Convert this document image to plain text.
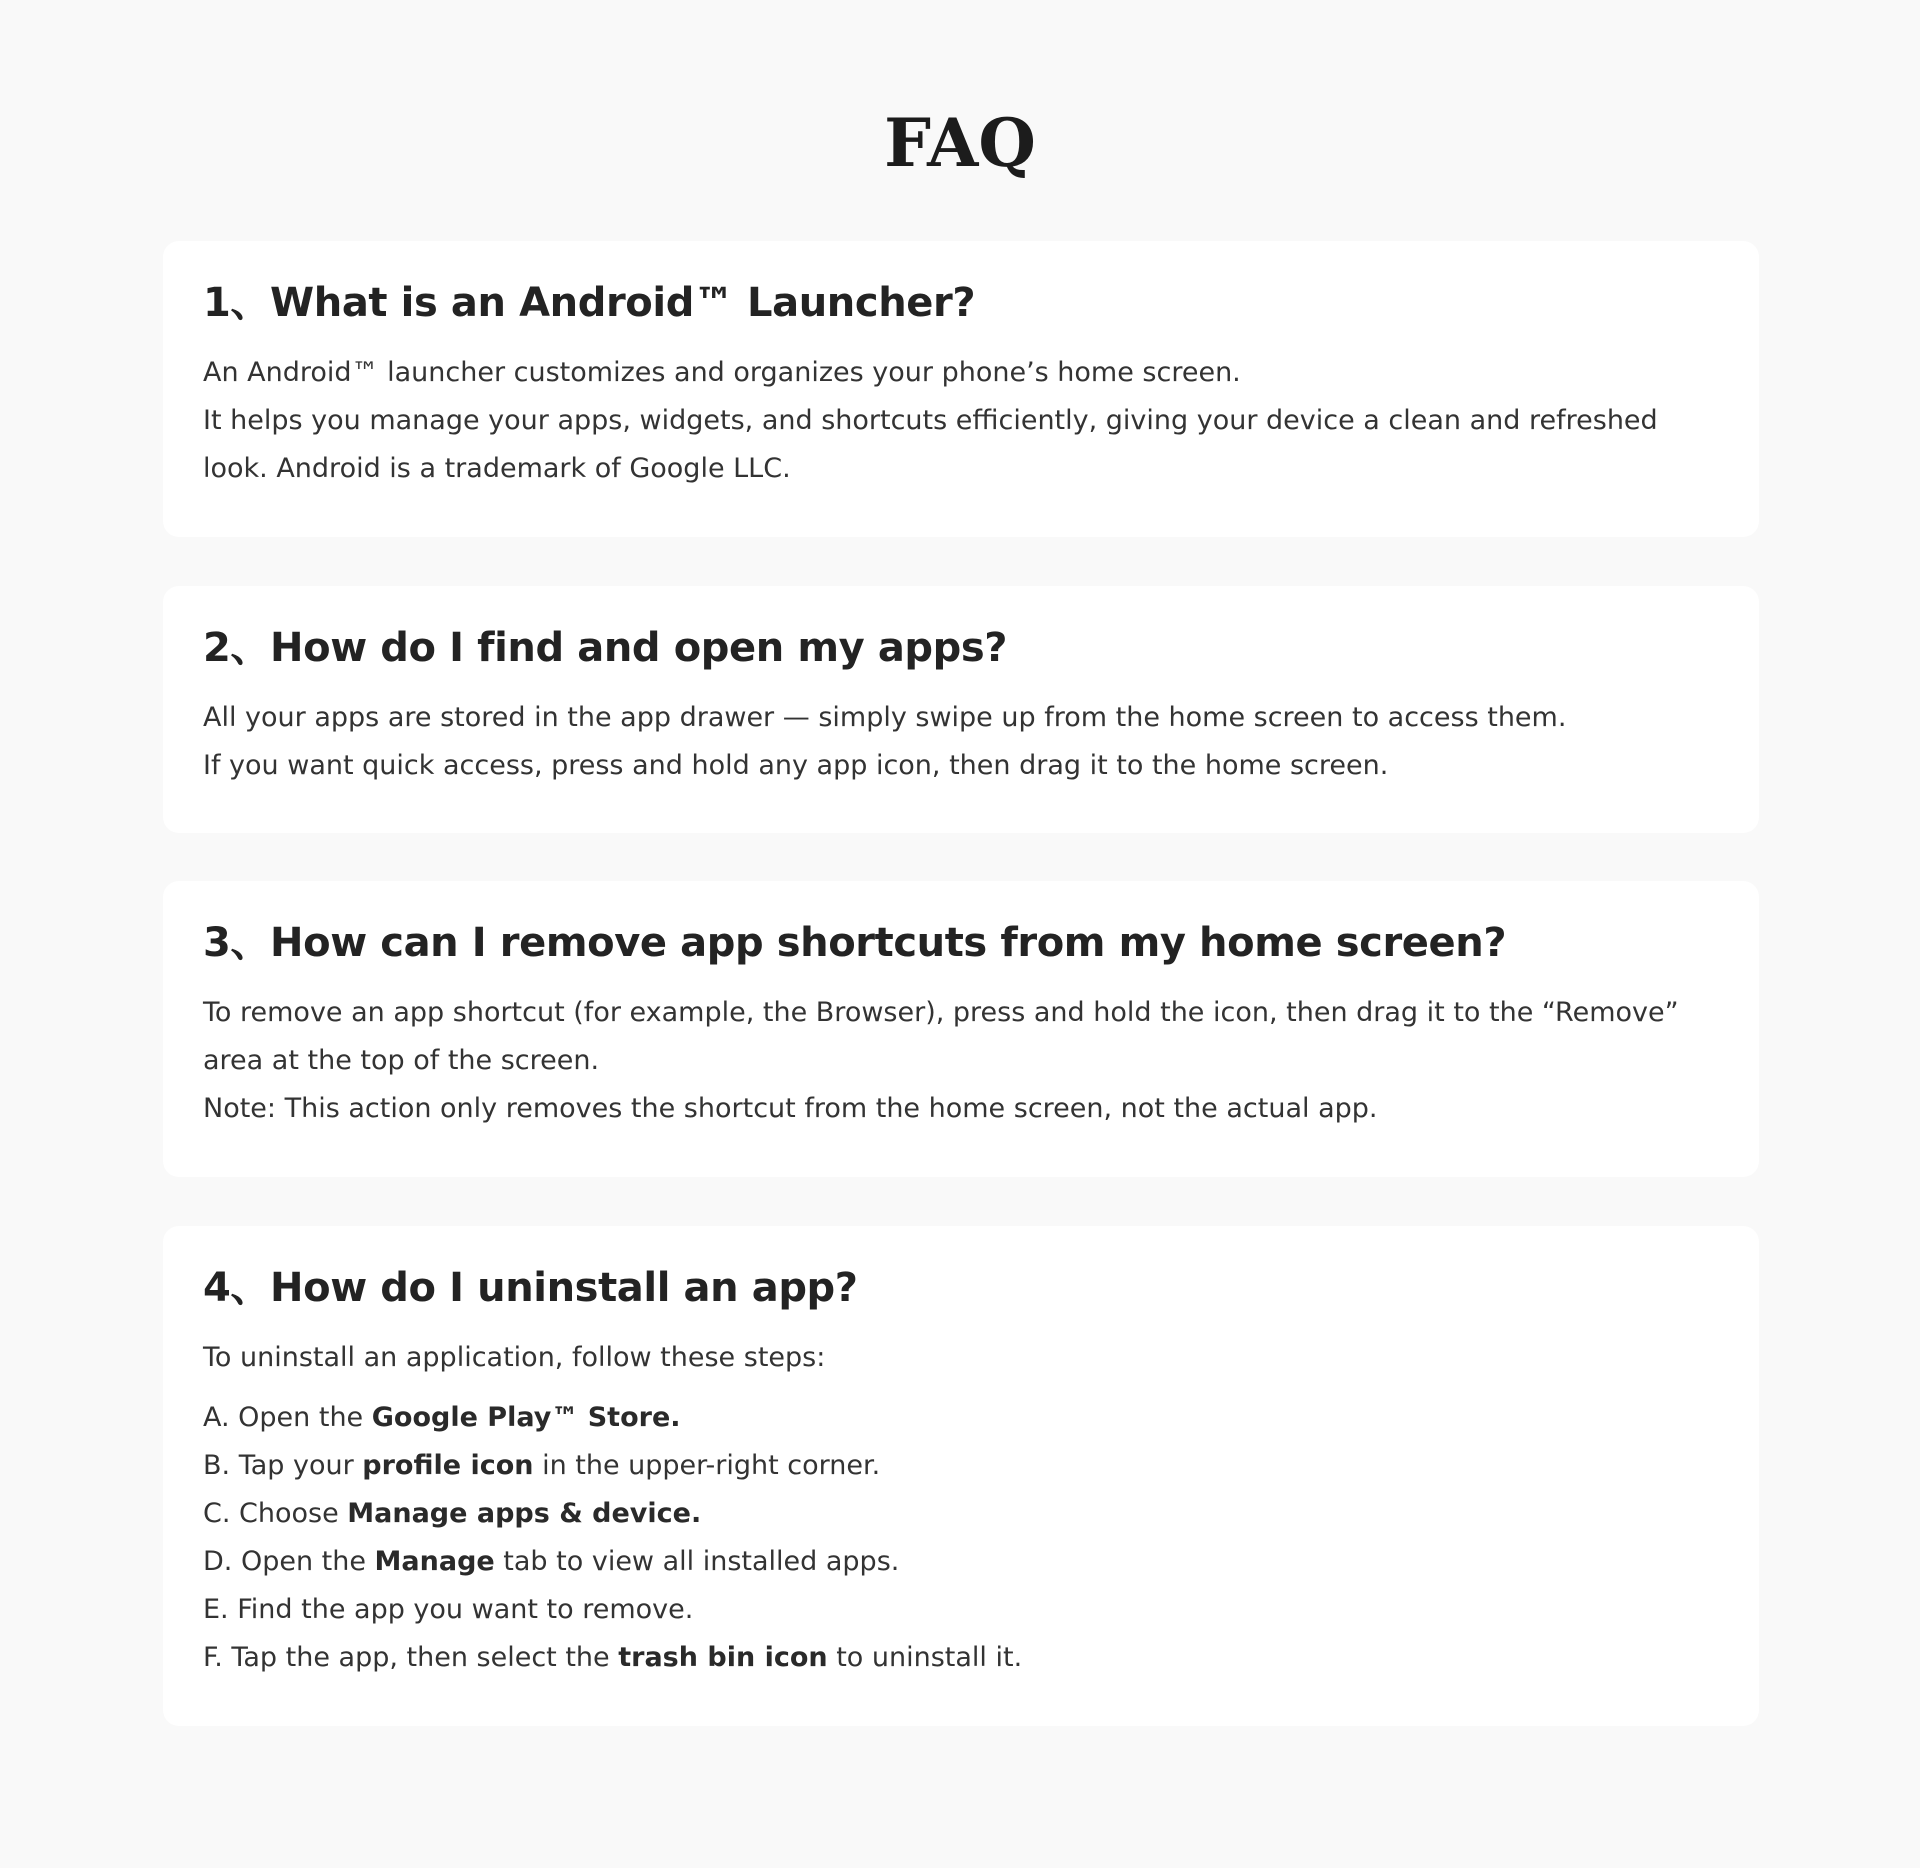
FAQ
1、What is an Android™ Launcher?

An Android™ launcher customizes and organizes your phone’s home screen.

It helps you manage your apps, widgets, and shortcuts efficiently, giving your device a clean and refreshed look. Android is a trademark of Google LLC.

2、How do I find and open my apps?

All your apps are stored in the app drawer — simply swipe up from the home screen to access them.

If you want quick access, press and hold any app icon, then drag it to the home screen.

3、How can I remove app shortcuts from my home screen?

To remove an app shortcut (for example, the Browser), press and hold the icon, then drag it to the “Remove” area at the top of the screen.

Note: This action only removes the shortcut from the home screen, not the actual app.

4、How do I uninstall an app?

To uninstall an application, follow these steps:

A. Open the Google Play™ Store.
B. Tap your profile icon in the upper-right corner.
C. Choose Manage apps & device.
D. Open the Manage tab to view all installed apps.
E. Find the app you want to remove.
F. Tap the app, then select the trash bin icon to uninstall it.
